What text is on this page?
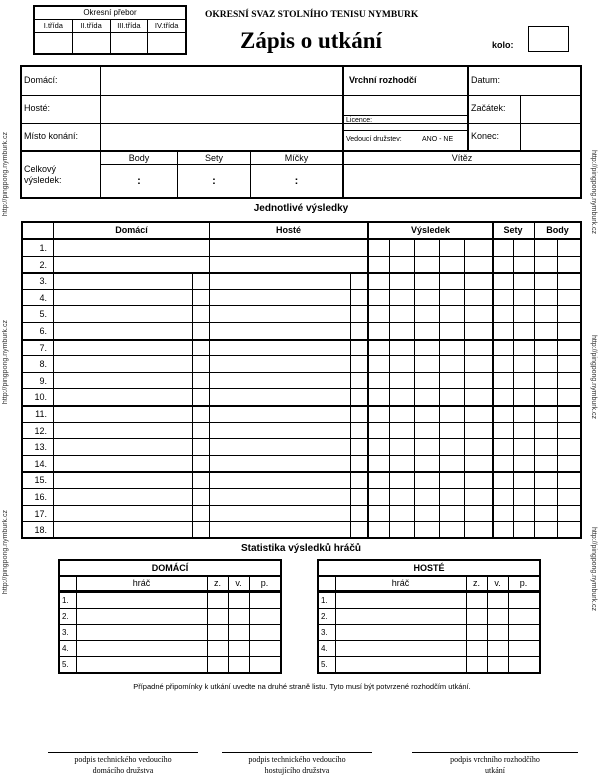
http://pingpong.nymburk.cz
http://pingpong.nymburk.cz
http://pingpong.nymburk.cz
http://pingpong.nymburk.cz
http://pingpong.nymburk.cz
http://pingpong.nymburk.cz
Okresní přebor
I.třída	II.třída	III.třída	IV.třída
OKRESNÍ SVAZ STOLNÍHO TENISU NYMBURK
Zápis o utkání	kolo:
Domácí:
Hosté:
Místo konání:
Vrchní rozhodčí
Licence:
Vedoucí družstev:	ANO - NE
Datum:
Začátek:
Konec:
Celkový
výsledek:
Body	Sety	Míčky	Vítěz
:	:	:
Jednotlivé výsledky
Domácí	Hosté	Výsledek	Sety	Body
1.
2.
3.
4.
5.
6.
7.
8.
9.
10.
11.
12.
13.
14.
15.
16.
17.
18.
Statistika výsledků hráčů
DOMÁCÍ
hráč	z.	v.	p.
1.
2.
3.
4.
5.
HOSTÉ
hráč	z.	v.	p.
1.
2.
3.
4.
5.
Případné připomínky k utkání uvedte na druhé straně listu. Tyto musí být potvrzené rozhodčím utkání.
podpis technického vedoucího
domácího družstva
podpis technického vedoucího
hostujícího družstva
podpis vrchního rozhodčího
utkání
